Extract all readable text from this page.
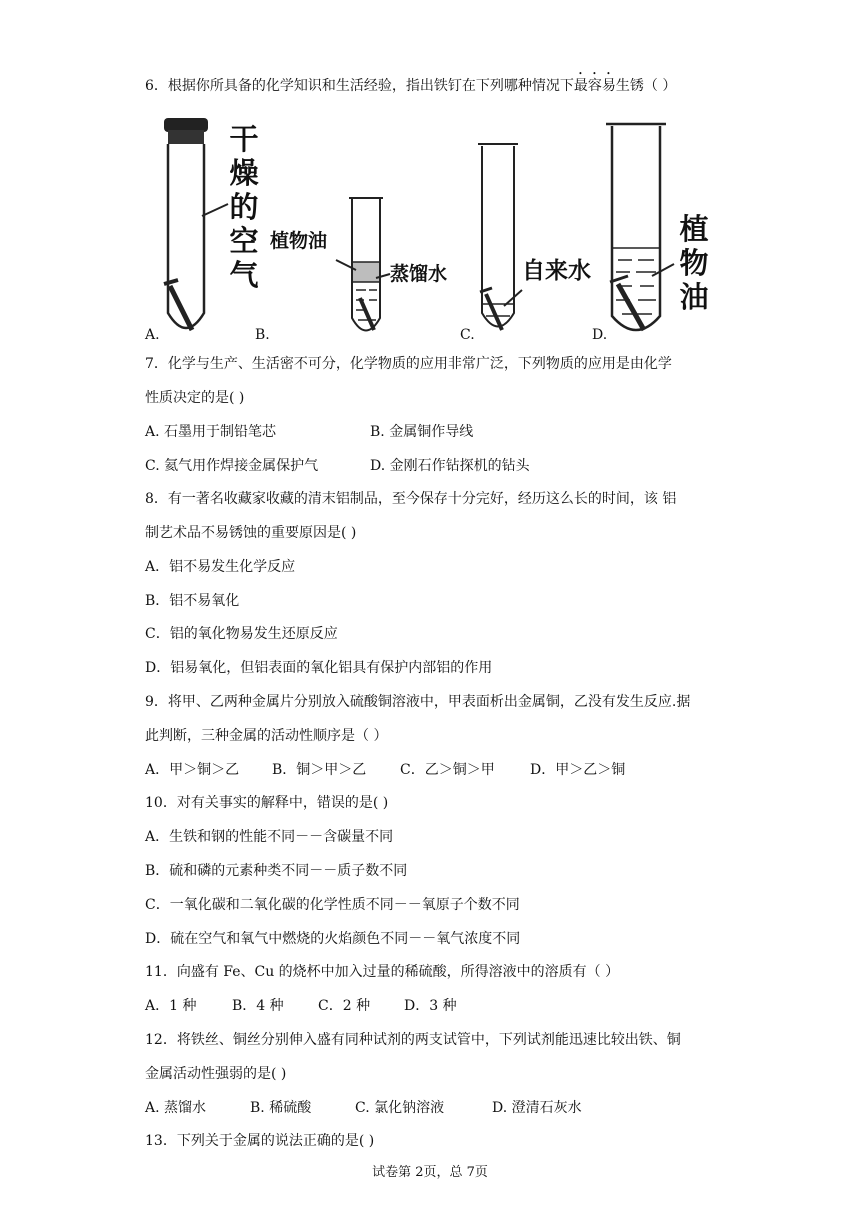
6．根据你所具备的化学知识和生活经验，指出铁钉在下列哪种情况下最容易生锈（ ）
干燥的空气
植物油
蒸馏水	自来水
植物油
A.	B.	C.	D.
7．化学与生产、生活密不可分，化学物质的应用非常广泛，下列物质的应用是由化学
性质决定的是( )
A. 石墨用于制铅笔芯	B. 金属铜作导线
C. 氦气用作焊接金属保护气	D. 金刚石作钻探机的钻头
8．有一著名收藏家收藏的清末铝制品，至今保存十分完好，经历这么长的时间，该 铝
制艺术品不易锈蚀的重要原因是( )
A．铝不易发生化学反应
B．铝不易氧化
C．铝的氧化物易发生还原反应
D．铝易氧化，但铝表面的氧化铝具有保护内部铝的作用
9．将甲、乙两种金属片分别放入硫酸铜溶液中，甲表面析出金属铜，乙没有发生反应.据
此判断，三种金属的活动性顺序是（ ）
A．甲＞铜＞乙 B．铜＞甲＞乙 C．乙＞铜＞甲	D．甲＞乙＞铜
10．对有关事实的解释中，错误的是( )
A．生铁和钢的性能不同－－含碳量不同
B．硫和磷的元素种类不同－－质子数不同
C．一氧化碳和二氧化碳的化学性质不同－－氧原子个数不同
D．硫在空气和氧气中燃烧的火焰颜色不同－－氧气浓度不同
11．向盛有 Fe、Cu 的烧杯中加入过量的稀硫酸，所得溶液中的溶质有（ ）
A．1 种	B．4 种 C．2 种 D．3 种
12．将铁丝、铜丝分别伸入盛有同种试剂的两支试管中，下列试剂能迅速比较出铁、铜
金属活动性强弱的是( )
A. 蒸馏水	B. 稀硫酸	C. 氯化钠溶液	D. 澄清石灰水
13．下列关于金属的说法正确的是( )
试卷第 2页，总 7页
